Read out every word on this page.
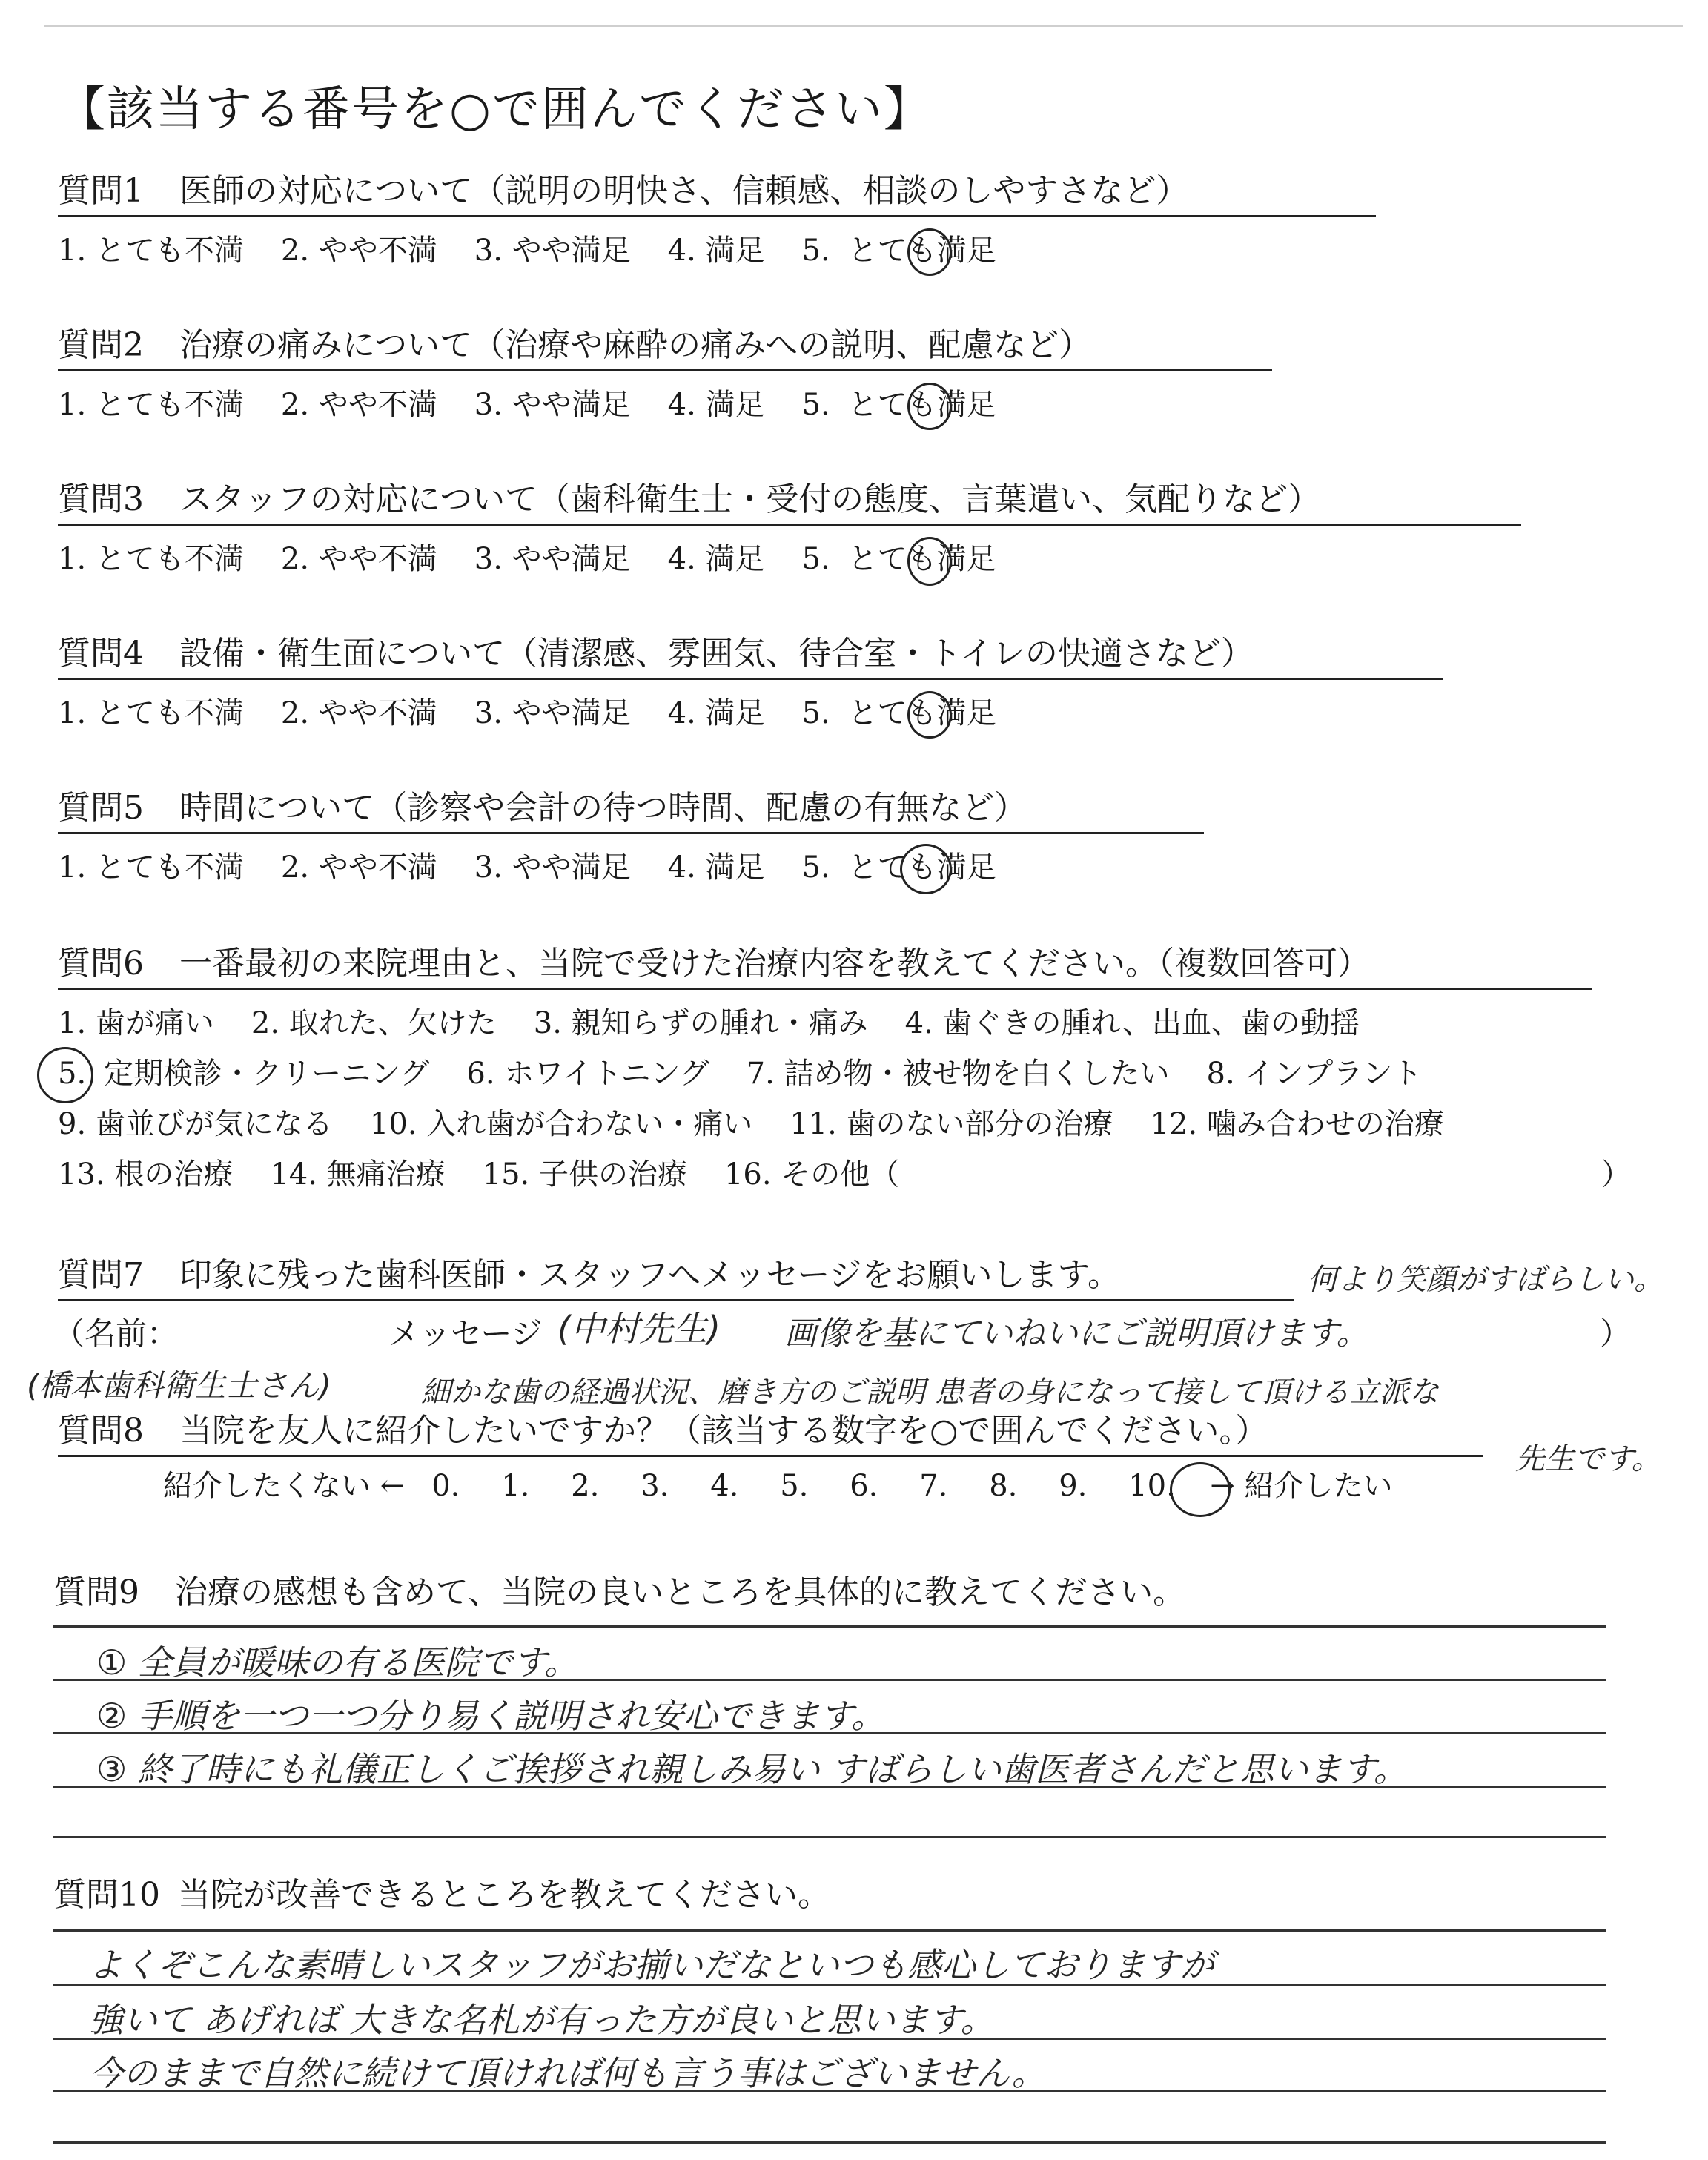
【該当する番号を○で囲んでください】
質問1 医師の対応について（説明の明快さ、信頼感、相談のしやすさなど）
1. とても不満 2. やや不満 3. やや満足 4. 満足 5. とても満足
質問2 治療の痛みについて（治療や麻酔の痛みへの説明、配慮など）
1. とても不満 2. やや不満 3. やや満足 4. 満足 5. とても満足
質問3 スタッフの対応について（歯科衛生士・受付の態度、言葉遣い、気配りなど）
1. とても不満 2. やや不満 3. やや満足 4. 満足 5. とても満足
質問4 設備・衛生面について（清潔感、雰囲気、待合室・トイレの快適さなど）
1. とても不満 2. やや不満 3. やや満足 4. 満足 5. とても満足
質問5 時間について（診察や会計の待つ時間、配慮の有無など）
1. とても不満 2. やや不満 3. やや満足 4. 満足 5. とても満足
質問6 一番最初の来院理由と、当院で受けた治療内容を教えてください。（複数回答可）
1. 歯が痛い 2. 取れた、欠けた 3. 親知らずの腫れ・痛み 4. 歯ぐきの腫れ、出血、歯の動揺
5. 定期検診・クリーニング 6. ホワイトニング 7. 詰め物・被せ物を白くしたい 8. インプラント
9. 歯並びが気になる 10. 入れ歯が合わない・痛い 11. 歯のない部分の治療 12. 噛み合わせの治療
13. 根の治療 14. 無痛治療 15. 子供の治療 16. その他（	）
質問7 印象に残った歯科医師・スタッフへメッセージをお願いします。	何より笑顔がすばらしい。
（名前：	メッセージ (中村先生) 画像を基にていねいにご説明頂けます。	）
(橋本歯科衛生士さん)	細かな歯の経過状況、磨き方のご説明 患者の身になって接して頂ける立派な
先生です。
質問8 当院を友人に紹介したいですか？（該当する数字を○で囲んでください。）
紹介したくない ← 0. 1. 2. 3. 4. 5. 6. 7. 8. 9. 10. → 紹介したい
質問9 治療の感想も含めて、当院の良いところを具体的に教えてください。
① 全員が暖味の有る医院です。
② 手順を一つ一つ分り易く説明され安心できます。
③ 終了時にも礼儀正しくご挨拶され親しみ易い すばらしい歯医者さんだと思います。
質問10 当院が改善できるところを教えてください。
よくぞこんな素晴しいスタッフがお揃いだなといつも感心しておりますが
強いて あげれば 大きな名札が有った方が良いと思います。
今のままで自然に続けて頂ければ何も言う事はございません。
